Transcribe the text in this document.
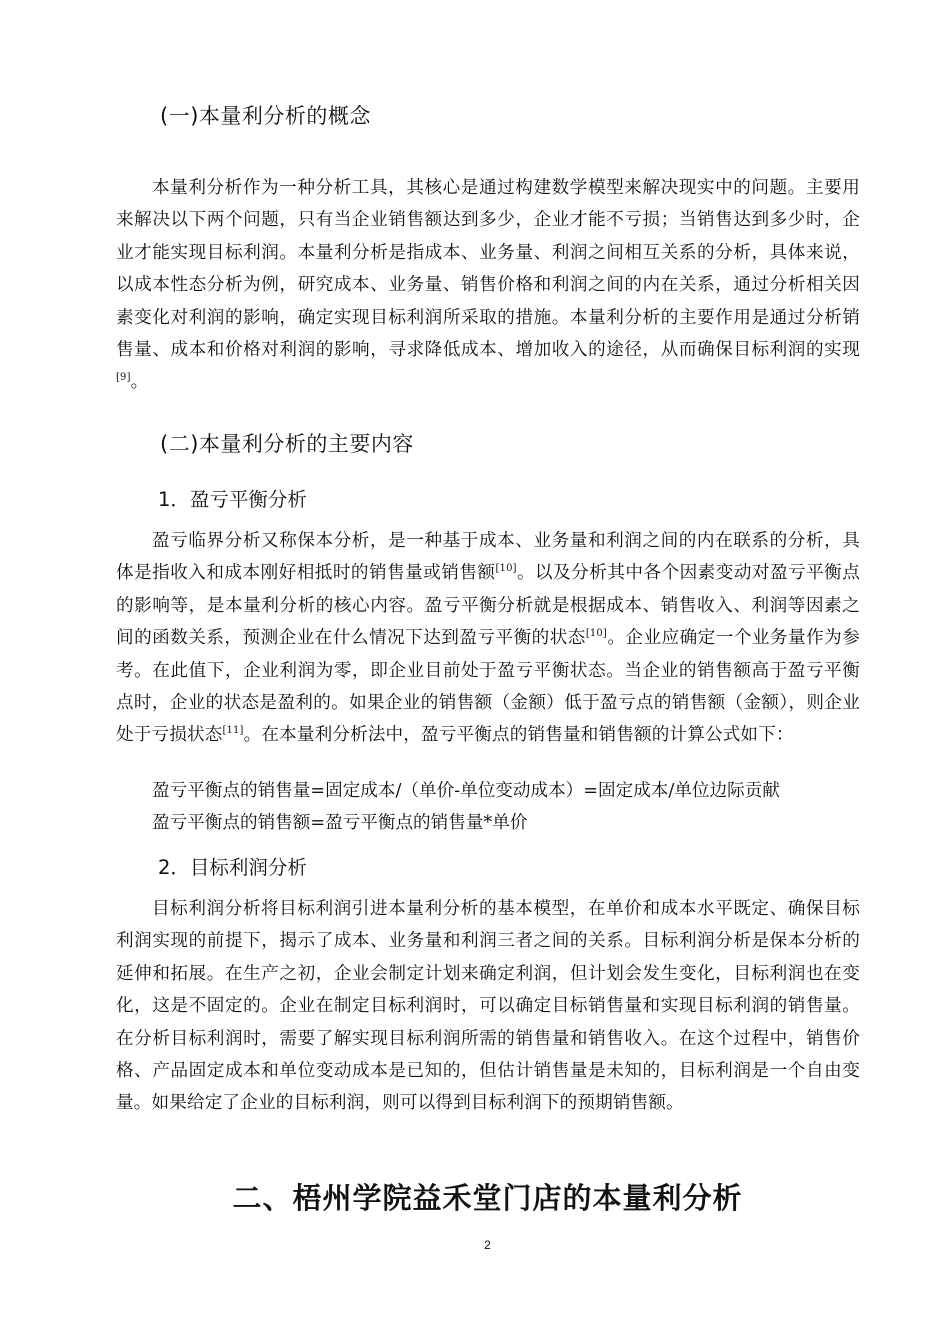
(一)本量利分析的概念
本量利分析作为一种分析工具，其核心是通过构建数学模型来解决现实中的问题。主要用来解决以下两个问题，只有当企业销售额达到多少，企业才能不亏损；当销售达到多少时，企业才能实现目标利润。本量利分析是指成本、业务量、利润之间相互关系的分析，具体来说，以成本性态分析为例，研究成本、业务量、销售价格和利润之间的内在关系，通过分析相关因素变化对利润的影响，确定实现目标利润所采取的措施。本量利分析的主要作用是通过分析销售量、成本和价格对利润的影响，寻求降低成本、增加收入的途径，从而确保目标利润的实现[9]。
(二)本量利分析的主要内容
1．盈亏平衡分析
盈亏临界分析又称保本分析，是一种基于成本、业务量和利润之间的内在联系的分析，具体是指收入和成本刚好相抵时的销售量或销售额[10]。以及分析其中各个因素变动对盈亏平衡点的影响等，是本量利分析的核心内容。盈亏平衡分析就是根据成本、销售收入、利润等因素之间的函数关系，预测企业在什么情况下达到盈亏平衡的状态[10]。企业应确定一个业务量作为参考。在此值下，企业利润为零，即企业目前处于盈亏平衡状态。当企业的销售额高于盈亏平衡点时，企业的状态是盈利的。如果企业的销售额（金额）低于盈亏点的销售额（金额），则企业处于亏损状态[11]。在本量利分析法中，盈亏平衡点的销售量和销售额的计算公式如下：
盈亏平衡点的销售量=固定成本/（单价-单位变动成本）=固定成本/单位边际贡献
盈亏平衡点的销售额=盈亏平衡点的销售量*单价
2．目标利润分析
目标利润分析将目标利润引进本量利分析的基本模型，在单价和成本水平既定、确保目标利润实现的前提下，揭示了成本、业务量和利润三者之间的关系。目标利润分析是保本分析的延伸和拓展。在生产之初，企业会制定计划来确定利润，但计划会发生变化，目标利润也在变化，这是不固定的。企业在制定目标利润时，可以确定目标销售量和实现目标利润的销售量。在分析目标利润时，需要了解实现目标利润所需的销售量和销售收入。在这个过程中，销售价格、产品固定成本和单位变动成本是已知的，但估计销售量是未知的，目标利润是一个自由变量。如果给定了企业的目标利润，则可以得到目标利润下的预期销售额。
二、梧州学院益禾堂门店的本量利分析
2
